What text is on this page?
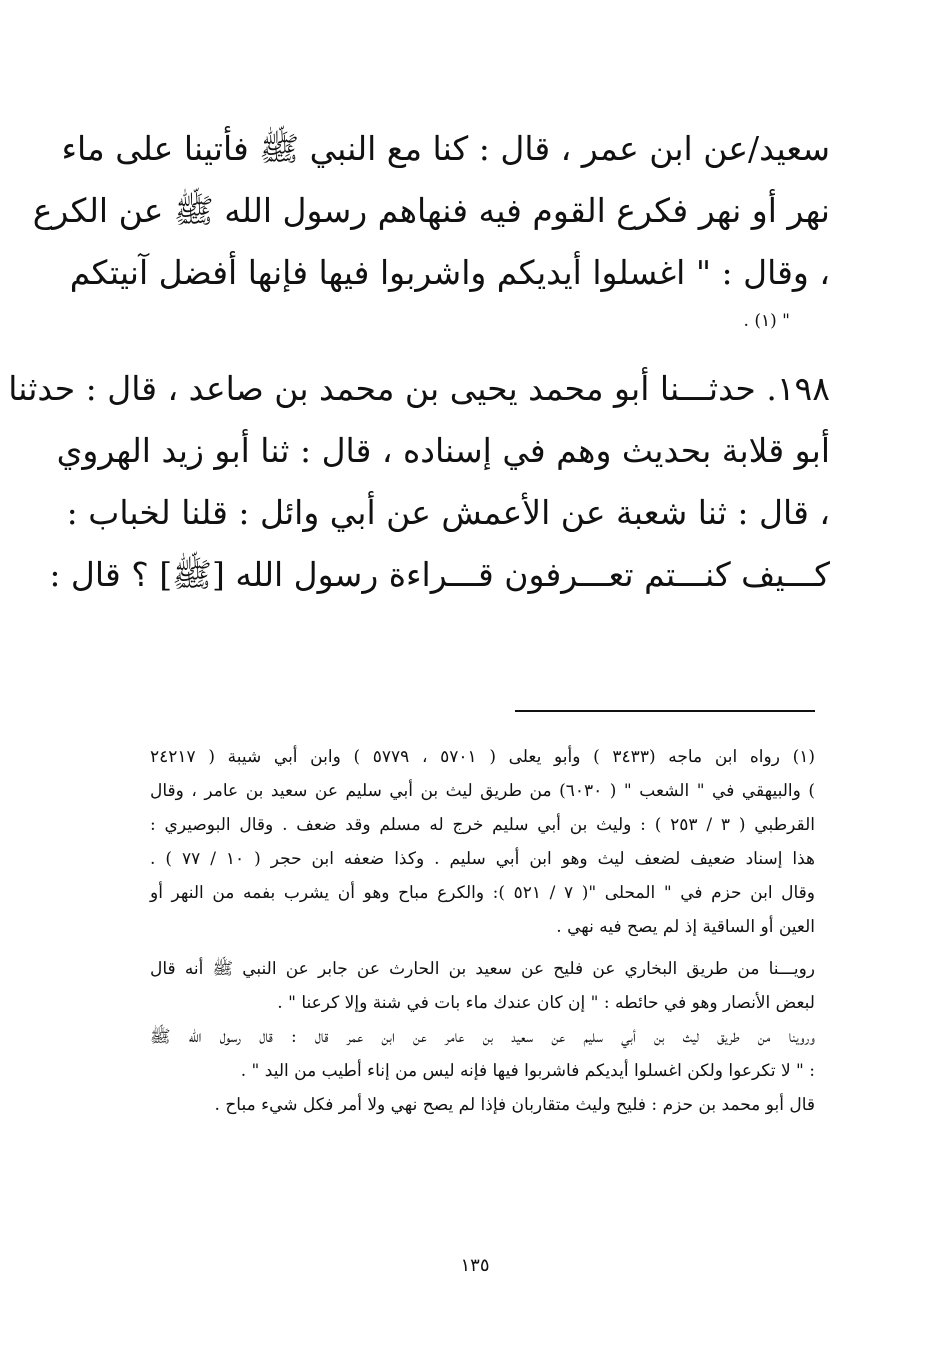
سعيد/عن ابن عمر ، قال : كنا مع النبي ﷺ فأتينا على ماء
نهر أو نهر فكرع القوم فيه فنهاهم رسول الله ﷺ عن الكرع
، وقال : " اغسلوا أيديكم واشربوا فيها فإنها أفضل آنيتكم
" (١) .
١٩٨. حدثـــنا أبو محمد يحيى بن محمد بن صاعد ، قال : حدثنا
أبو قلابة بحديث وهم في إسناده ، قال : ثنا أبو زيد الهروي
، قال : ثنا شعبة عن الأعمش عن أبي وائل : قلنا لخباب :
كـــيف كنـــتم تعـــرفون قـــراءة رسول الله [ﷺ] ؟ قال :
(١) رواه ابن ماجه (٣٤٣٣ ) وأبو يعلى ( ٥٧٠١ ، ٥٧٧٩ ) وابن أبي شيبة ( ٢٤٢١٧
) والبيهقي في " الشعب " ( ٦٠٣٠) من طريق ليث بن أبي سليم عن سعيد بن عامر ، وقال
القرطبي ( ٣ / ٢٥٣ ) : وليث بن أبي سليم خرج له مسلم وقد ضعف . وقال البوصيري :
هذا إسناد ضعيف لضعف ليث وهو ابن أبي سليم . وكذا ضعفه ابن حجر ( ١٠ / ٧٧ ) .
وقال ابن حزم في " المحلى "( ٧ / ٥٢١ ): والكرع مباح وهو أن يشرب بفمه من النهر أو
العين أو الساقية إذ لم يصح فيه نهي .
رويـــنا من طريق البخاري عن فليح عن سعيد بن الحارث عن جابر عن النبي ﷺ أنه قال
لبعض الأنصار وهو في حائطه : " إن كان عندك ماء بات في شنة وإلا كرعنا " .
وروينا من طريق ليث بن أبي سليم عن سعيد بن عامر عن ابن عمر قال : قال رسول الله ﷺ
: " لا تكرعوا ولكن اغسلوا أيديكم فاشربوا فيها فإنه ليس من إناء أطيب من اليد " .
قال أبو محمد بن حزم : فليح وليث متقاربان فإذا لم يصح نهي ولا أمر فكل شيء مباح .
١٣٥
